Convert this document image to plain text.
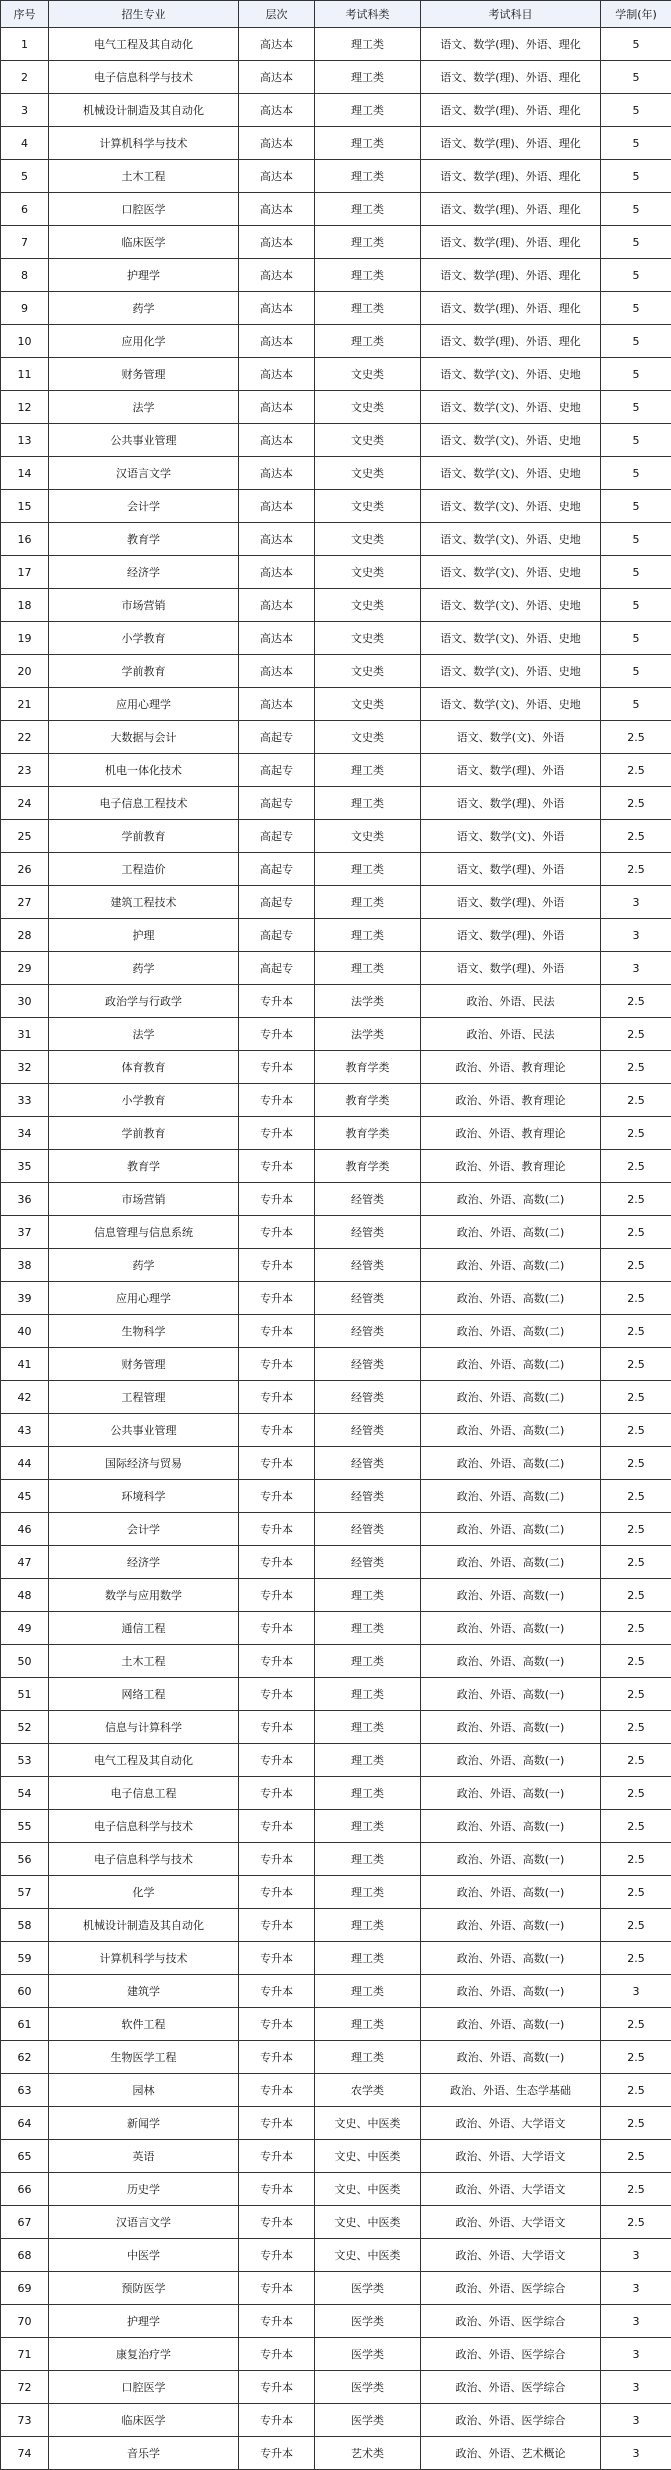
序号	招生专业	层次	考试科类	考试科目	学制(年)
1	电气工程及其自动化	高达本	理工类	语文、数学(理)、外语、理化	5
2	电子信息科学与技术	高达本	理工类	语文、数学(理)、外语、理化	5
3	机械设计制造及其自动化	高达本	理工类	语文、数学(理)、外语、理化	5
4	计算机科学与技术	高达本	理工类	语文、数学(理)、外语、理化	5
5	土木工程	高达本	理工类	语文、数学(理)、外语、理化	5
6	口腔医学	高达本	理工类	语文、数学(理)、外语、理化	5
7	临床医学	高达本	理工类	语文、数学(理)、外语、理化	5
8	护理学	高达本	理工类	语文、数学(理)、外语、理化	5
9	药学	高达本	理工类	语文、数学(理)、外语、理化	5
10	应用化学	高达本	理工类	语文、数学(理)、外语、理化	5
11	财务管理	高达本	文史类	语文、数学(文)、外语、史地	5
12	法学	高达本	文史类	语文、数学(文)、外语、史地	5
13	公共事业管理	高达本	文史类	语文、数学(文)、外语、史地	5
14	汉语言文学	高达本	文史类	语文、数学(文)、外语、史地	5
15	会计学	高达本	文史类	语文、数学(文)、外语、史地	5
16	教育学	高达本	文史类	语文、数学(文)、外语、史地	5
17	经济学	高达本	文史类	语文、数学(文)、外语、史地	5
18	市场营销	高达本	文史类	语文、数学(文)、外语、史地	5
19	小学教育	高达本	文史类	语文、数学(文)、外语、史地	5
20	学前教育	高达本	文史类	语文、数学(文)、外语、史地	5
21	应用心理学	高达本	文史类	语文、数学(文)、外语、史地	5
22	大数据与会计	高起专	文史类	语文、数学(文)、外语	2.5
23	机电一体化技术	高起专	理工类	语文、数学(理)、外语	2.5
24	电子信息工程技术	高起专	理工类	语文、数学(理)、外语	2.5
25	学前教育	高起专	文史类	语文、数学(文)、外语	2.5
26	工程造价	高起专	理工类	语文、数学(理)、外语	2.5
27	建筑工程技术	高起专	理工类	语文、数学(理)、外语	3
28	护理	高起专	理工类	语文、数学(理)、外语	3
29	药学	高起专	理工类	语文、数学(理)、外语	3
30	政治学与行政学	专升本	法学类	政治、外语、民法	2.5
31	法学	专升本	法学类	政治、外语、民法	2.5
32	体育教育	专升本	教育学类	政治、外语、教育理论	2.5
33	小学教育	专升本	教育学类	政治、外语、教育理论	2.5
34	学前教育	专升本	教育学类	政治、外语、教育理论	2.5
35	教育学	专升本	教育学类	政治、外语、教育理论	2.5
36	市场营销	专升本	经管类	政治、外语、高数(二)	2.5
37	信息管理与信息系统	专升本	经管类	政治、外语、高数(二)	2.5
38	药学	专升本	经管类	政治、外语、高数(二)	2.5
39	应用心理学	专升本	经管类	政治、外语、高数(二)	2.5
40	生物科学	专升本	经管类	政治、外语、高数(二)	2.5
41	财务管理	专升本	经管类	政治、外语、高数(二)	2.5
42	工程管理	专升本	经管类	政治、外语、高数(二)	2.5
43	公共事业管理	专升本	经管类	政治、外语、高数(二)	2.5
44	国际经济与贸易	专升本	经管类	政治、外语、高数(二)	2.5
45	环境科学	专升本	经管类	政治、外语、高数(二)	2.5
46	会计学	专升本	经管类	政治、外语、高数(二)	2.5
47	经济学	专升本	经管类	政治、外语、高数(二)	2.5
48	数学与应用数学	专升本	理工类	政治、外语、高数(一)	2.5
49	通信工程	专升本	理工类	政治、外语、高数(一)	2.5
50	土木工程	专升本	理工类	政治、外语、高数(一)	2.5
51	网络工程	专升本	理工类	政治、外语、高数(一)	2.5
52	信息与计算科学	专升本	理工类	政治、外语、高数(一)	2.5
53	电气工程及其自动化	专升本	理工类	政治、外语、高数(一)	2.5
54	电子信息工程	专升本	理工类	政治、外语、高数(一)	2.5
55	电子信息科学与技术	专升本	理工类	政治、外语、高数(一)	2.5
56	电子信息科学与技术	专升本	理工类	政治、外语、高数(一)	2.5
57	化学	专升本	理工类	政治、外语、高数(一)	2.5
58	机械设计制造及其自动化	专升本	理工类	政治、外语、高数(一)	2.5
59	计算机科学与技术	专升本	理工类	政治、外语、高数(一)	2.5
60	建筑学	专升本	理工类	政治、外语、高数(一)	3
61	软件工程	专升本	理工类	政治、外语、高数(一)	2.5
62	生物医学工程	专升本	理工类	政治、外语、高数(一)	2.5
63	园林	专升本	农学类	政治、外语、生态学基础	2.5
64	新闻学	专升本	文史、中医类	政治、外语、大学语文	2.5
65	英语	专升本	文史、中医类	政治、外语、大学语文	2.5
66	历史学	专升本	文史、中医类	政治、外语、大学语文	2.5
67	汉语言文学	专升本	文史、中医类	政治、外语、大学语文	2.5
68	中医学	专升本	文史、中医类	政治、外语、大学语文	3
69	预防医学	专升本	医学类	政治、外语、医学综合	3
70	护理学	专升本	医学类	政治、外语、医学综合	3
71	康复治疗学	专升本	医学类	政治、外语、医学综合	3
72	口腔医学	专升本	医学类	政治、外语、医学综合	3
73	临床医学	专升本	医学类	政治、外语、医学综合	3
74	音乐学	专升本	艺术类	政治、外语、艺术概论	3
